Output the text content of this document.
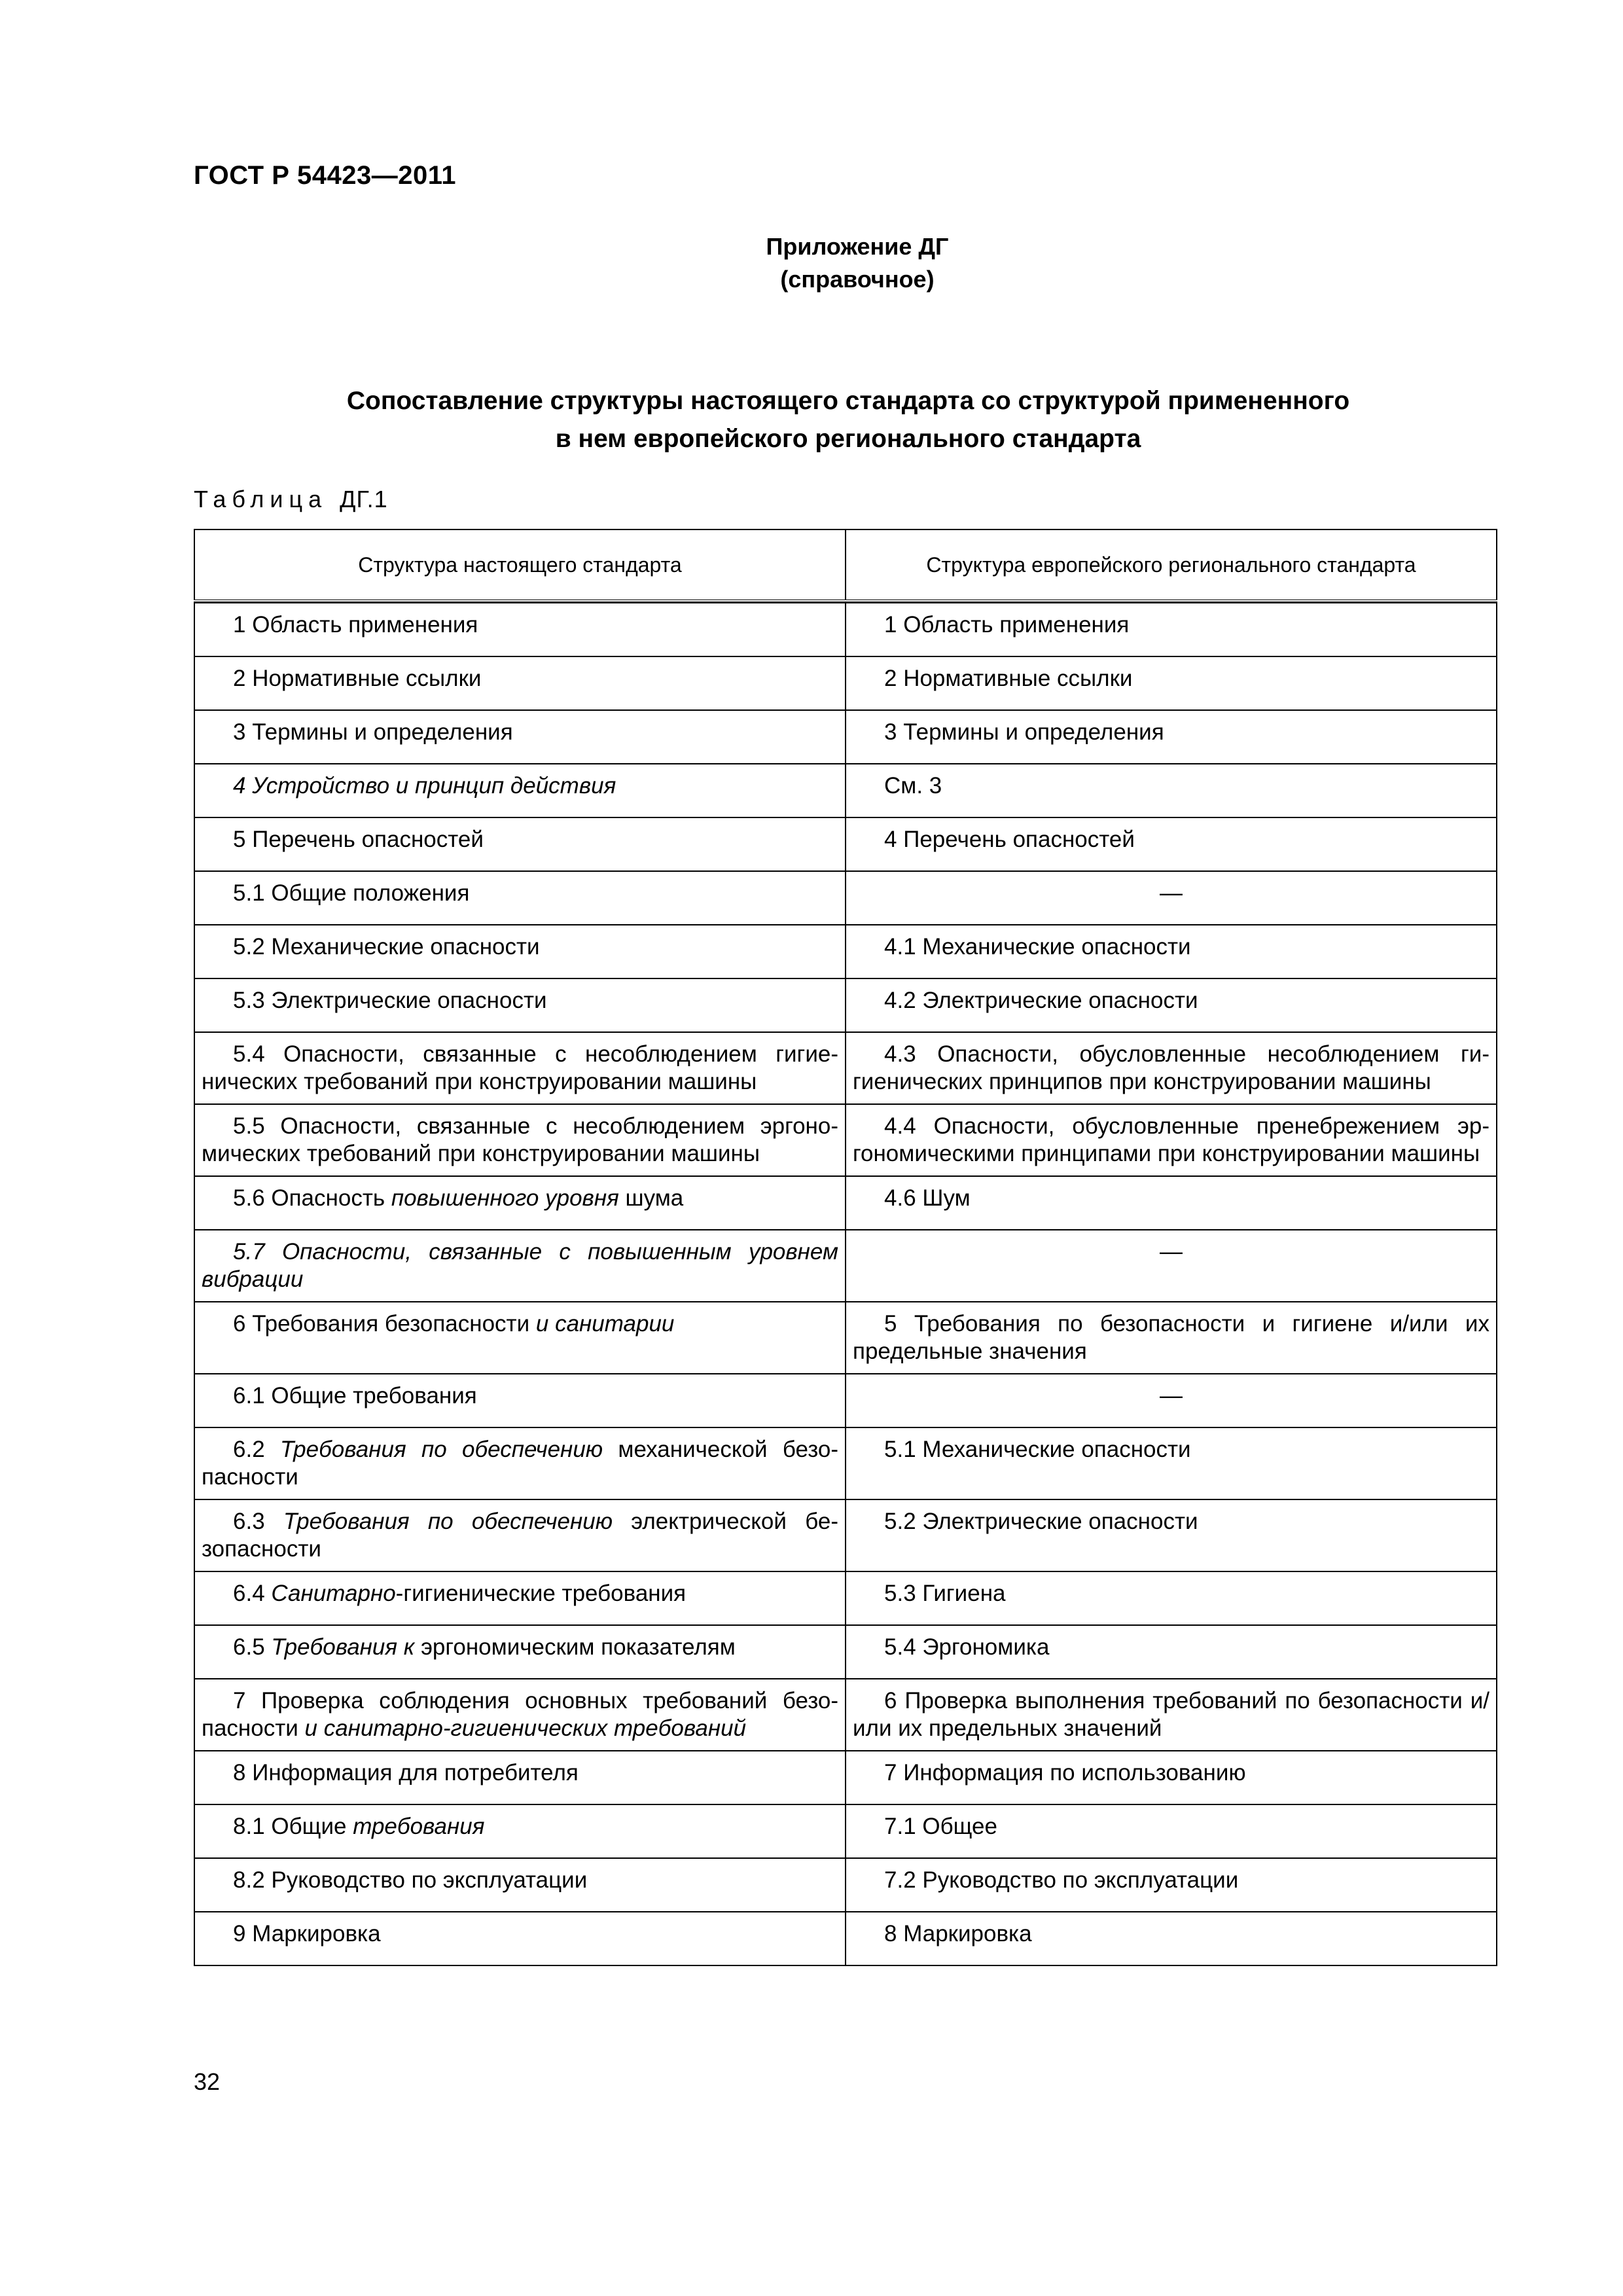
ГОСТ Р 54423—2011
Приложение ДГ
(справочное)
Сопоставление структуры настоящего стандарта со структурой примененного
в нем европейского регионального стандарта
Таблица ДГ.1
Структура настоящего стандарта	Структура европейского регионального стандарта

1 Область применения	1 Область применения
2 Нормативные ссылки	2 Нормативные ссылки
3 Термины и определения	3 Термины и определения
4 Устройство и принцип действия	См. 3
5 Перечень опасностей	4 Перечень опасностей
5.1 Общие положения	—
5.2 Механические опасности	4.1 Механические опасности
5.3 Электрические опасности	4.2 Электрические опасности
5.4 Опасности, связанные с несоблюдением гигиенических требований при конструировании машины	4.3 Опасности, обусловленные несоблюдением гигиенических принципов при конструировании машины
5.5 Опасности, связанные с несоблюдением эргономических требований при конструировании машины	4.4 Опасности, обусловленные пренебрежением эргономическими принципами при конструировании машины
5.6 Опасность повышенного уровня шума	4.6 Шум
5.7 Опасности, связанные с повышенным уровнем вибрации	—
6 Требования безопасности и санитарии	5 Требования по безопасности и гигиене и/или их предельные значения
6.1 Общие требования	—
6.2 Требования по обеспечению механической безопасности	5.1 Механические опасности
6.3 Требования по обеспечению электрической безопасности	5.2 Электрические опасности
6.4 Санитарно-гигиенические требования	5.3 Гигиена
6.5 Требования к эргономическим показателям	5.4 Эргономика
7 Проверка соблюдения основных требований безопасности и санитарно-гигиенических требований	6 Проверка выполнения требований по безопасности и/или их предельных значений
8 Информация для потребителя	7 Информация по использованию
8.1 Общие требования	7.1 Общее
8.2 Руководство по эксплуатации	7.2 Руководство по эксплуатации
9 Маркировка	8 Маркировка
32
